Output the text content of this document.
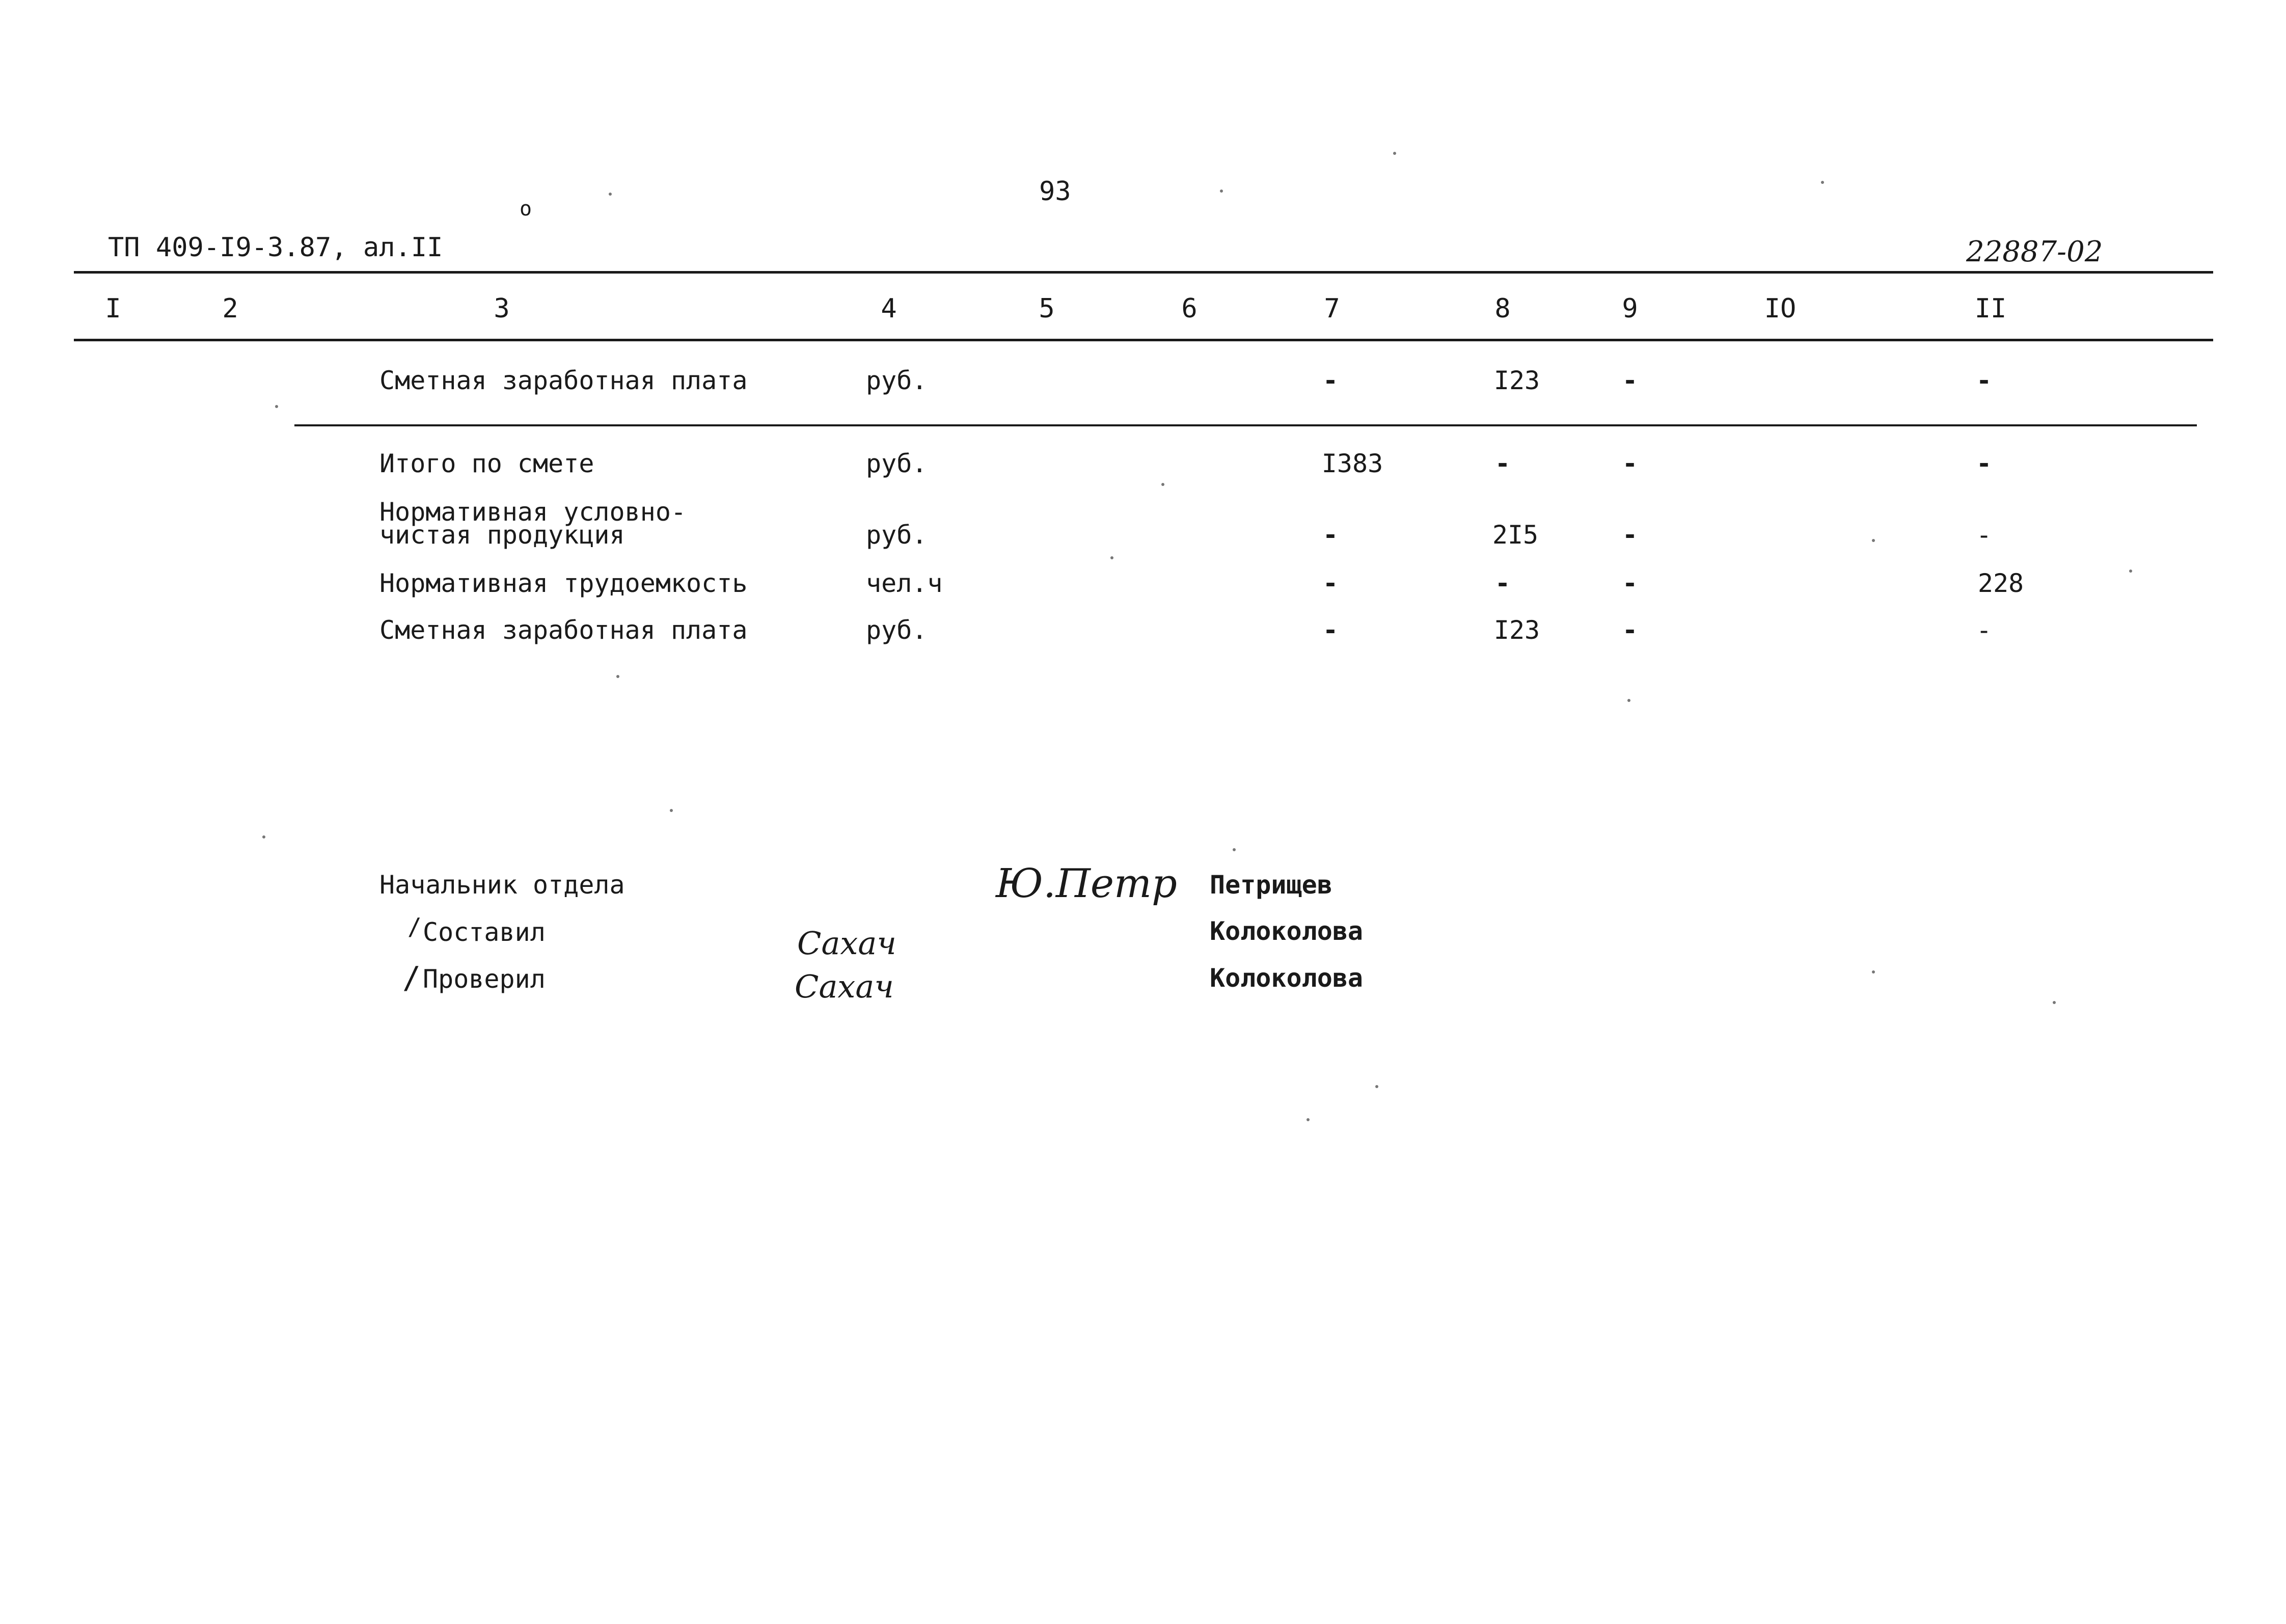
93
o
ТП 409-I9-3.87, ал.II	22887-02
I	2	3	4	5	6	7	8	9	IO	II
Сметная заработная плата	руб.	-	I23	-	-
Итого по смете	руб.	I383	-	-	-
Нормативная условно-
чистая продукция	руб.	-	2I5	-	-
Нормативная трудоемкость	чел.ч	-	-	-	228
Сметная заработная плата	руб.	-	I23	-	-
Начальник отдела	Ю.Петр Петрищев
/ Составил	Сахач	Колоколова
/ Проверил	Сахач	Колоколова
